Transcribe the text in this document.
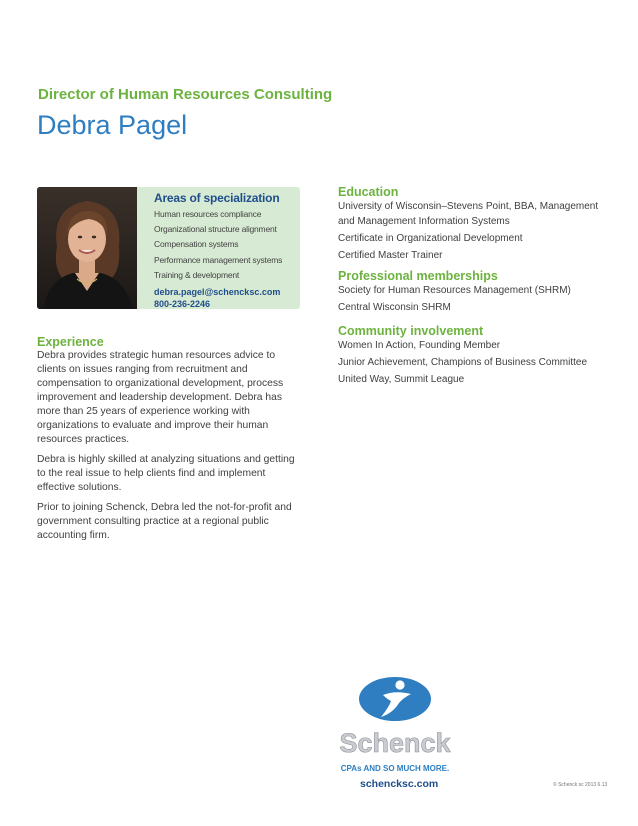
Director of Human Resources Consulting
Debra Pagel
Areas of specialization
Human resources compliance
Organizational structure alignment
Compensation systems
Performance management systems
Training & development
debra.pagel@schencksc.com
800-236-2246
Experience

Debra provides strategic human resources advice to clients on issues ranging from recruitment and compensation to organizational development, process improvement and leadership development. Debra has more than 25 years of experience working with organizations to evaluate and improve their human resources practices.

Debra is highly skilled at analyzing situations and getting to the real issue to help clients find and implement effective solutions.

Prior to joining Schenck, Debra led the not-for-profit and government consulting practice at a regional public accounting firm.

Education
University of Wisconsin–Stevens Point, BBA, Management and Management Information Systems
Certificate in Organizational Development
Certified Master Trainer
Professional memberships
Society for Human Resources Management (SHRM)
Central Wisconsin SHRM
Community involvement
Women In Action, Founding Member
Junior Achievement, Champions of Business Committee
United Way, Summit League
Schenck
CPAs AND SO MUCH MORE.
schencksc.com	© Schenck sc 2013 6.13
